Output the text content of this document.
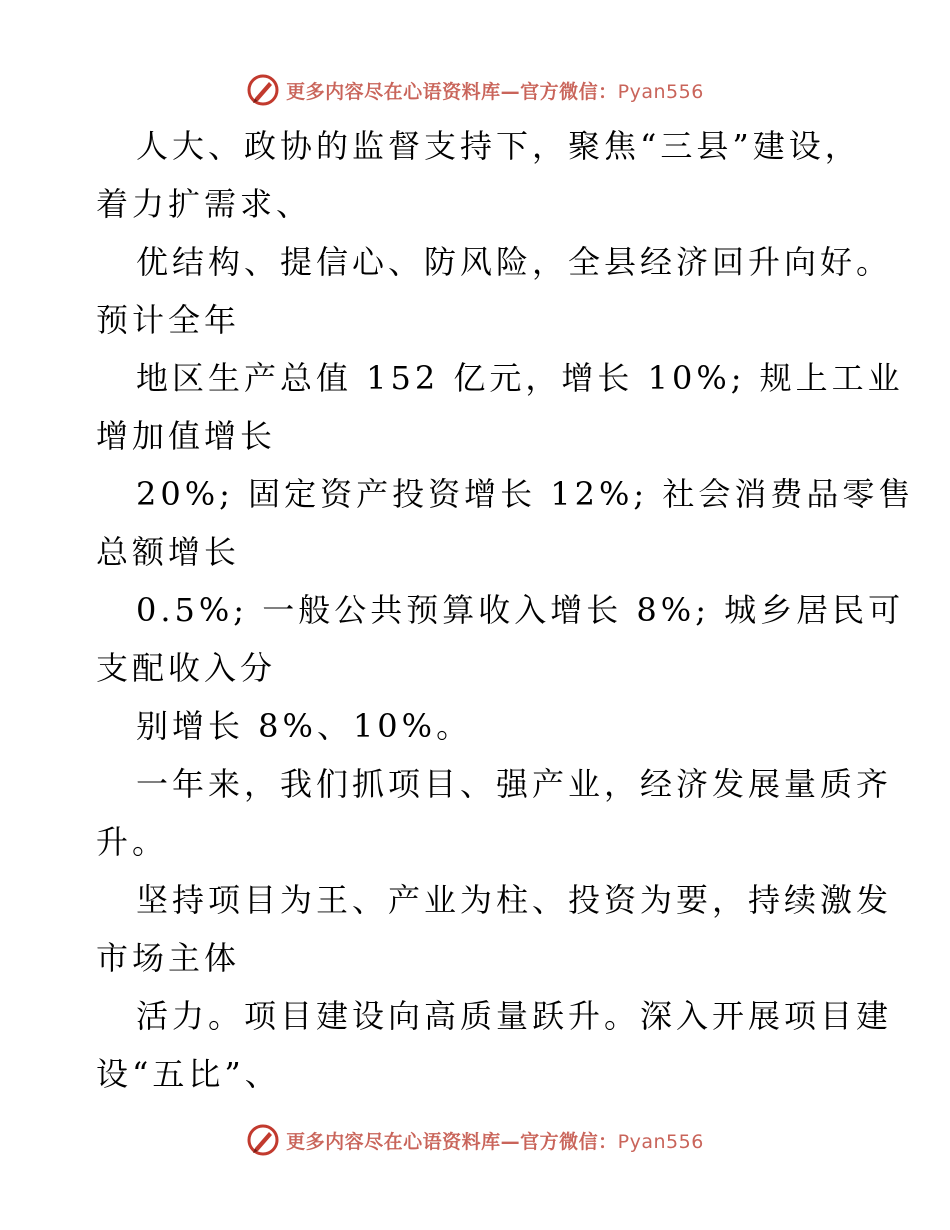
更多内容尽在心语资料库—官方微信：Pyan556
人大、政协的监督支持下，聚焦“三县”建设，
着力扩需求、
优结构、提信心、防风险，全县经济回升向好。
预计全年
地区生产总值 152 亿元，增长 10%; 规上工业
增加值增长
20%; 固定资产投资增长 12%; 社会消费品零售
总额增长
0.5%; 一般公共预算收入增长 8%; 城乡居民可
支配收入分
别增长 8%、10%。
一年来，我们抓项目、强产业，经济发展量质齐
升。
坚持项目为王、产业为柱、投资为要，持续激发
市场主体
活力。项目建设向高质量跃升。深入开展项目建
设“五比”、
更多内容尽在心语资料库—官方微信：Pyan556
